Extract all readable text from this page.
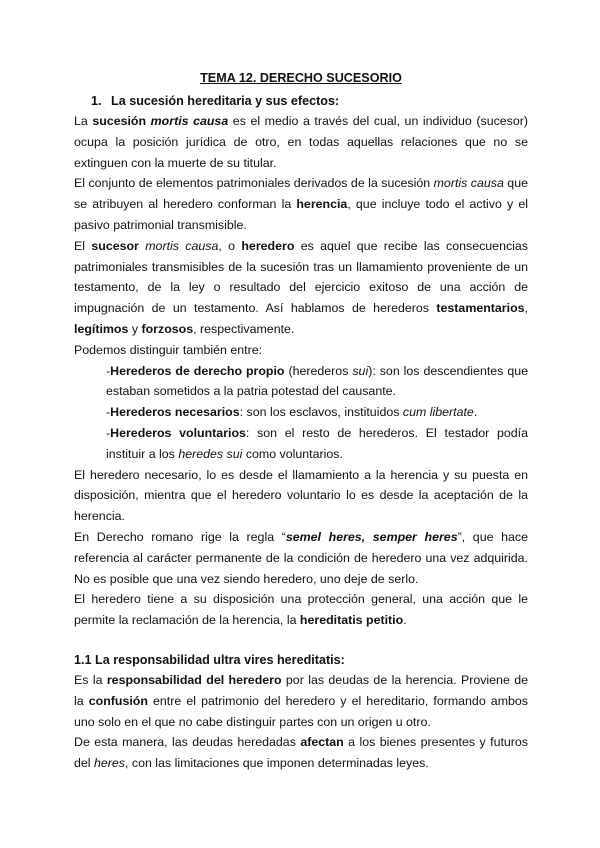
TEMA 12. DERECHO SUCESORIO
1. La sucesión hereditaria y sus efectos:

La sucesión mortis causa es el medio a través del cual, un individuo (sucesor) ocupa la posición jurídica de otro, en todas aquellas relaciones que no se extinguen con la muerte de su titular.

El conjunto de elementos patrimoniales derivados de la sucesión mortis causa que se atribuyen al heredero conforman la herencia, que incluye todo el activo y el pasivo patrimonial transmisible.

El sucesor mortis causa, o heredero es aquel que recibe las consecuencias patrimoniales transmisibles de la sucesión tras un llamamiento proveniente de un testamento, de la ley o resultado del ejercicio exitoso de una acción de impugnación de un testamento. Así hablamos de herederos testamentarios, legítimos y forzosos, respectivamente.

Podemos distinguir también entre:

-Herederos de derecho propio (herederos sui): son los descendientes que estaban sometidos a la patria potestad del causante.

-Herederos necesarios: son los esclavos, instituidos cum libertate.

-Herederos voluntarios: son el resto de herederos. El testador podía instituir a los heredes sui como voluntarios.

El heredero necesario, lo es desde el llamamiento a la herencia y su puesta en disposición, mientra que el heredero voluntario lo es desde la aceptación de la herencia.

En Derecho romano rige la regla “semel heres, semper heres”, que hace referencia al carácter permanente de la condición de heredero una vez adquirida. No es posible que una vez siendo heredero, uno deje de serlo.

El heredero tiene a su disposición una protección general, una acción que le permite la reclamación de la herencia, la hereditatis petitio.

1.1 La responsabilidad ultra vires hereditatis:

Es la responsabilidad del heredero por las deudas de la herencia. Proviene de la confusión entre el patrimonio del heredero y el hereditario, formando ambos uno solo en el que no cabe distinguir partes con un origen u otro.

De esta manera, las deudas heredadas afectan a los bienes presentes y futuros del heres, con las limitaciones que imponen determinadas leyes.
